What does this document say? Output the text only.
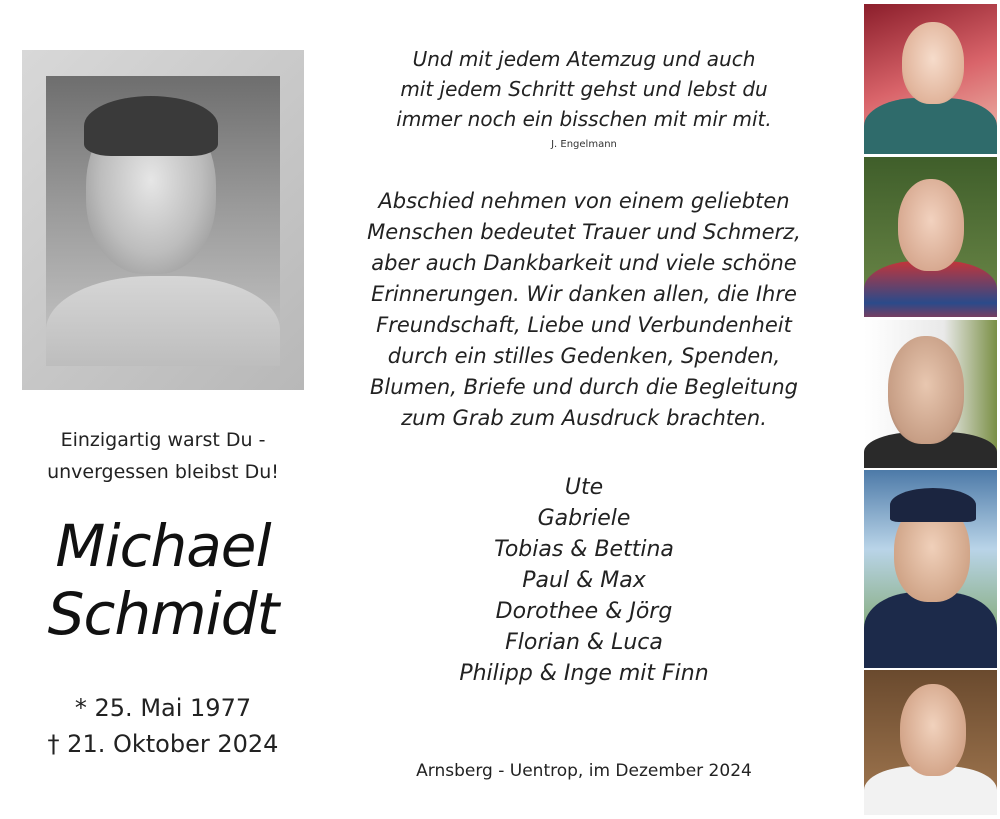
Einzigartig warst Du -
unvergessen bleibst Du!
Michael
Schmidt
* 25. Mai 1977
† 21. Oktober 2024
Und mit jedem Atemzug und auch
mit jedem Schritt gehst und lebst du
immer noch ein bisschen mit mir mit.
J. Engelmann
Abschied nehmen von einem geliebten
Menschen bedeutet Trauer und Schmerz,
aber auch Dankbarkeit und viele schöne
Erinnerungen. Wir danken allen, die Ihre
Freundschaft, Liebe und Verbundenheit
durch ein stilles Gedenken, Spenden,
Blumen, Briefe und durch die Begleitung
zum Grab zum Ausdruck brachten.
Ute
Gabriele
Tobias & Bettina
Paul & Max
Dorothee & Jörg
Florian & Luca
Philipp & Inge mit Finn
Arnsberg - Uentrop, im Dezember 2024
